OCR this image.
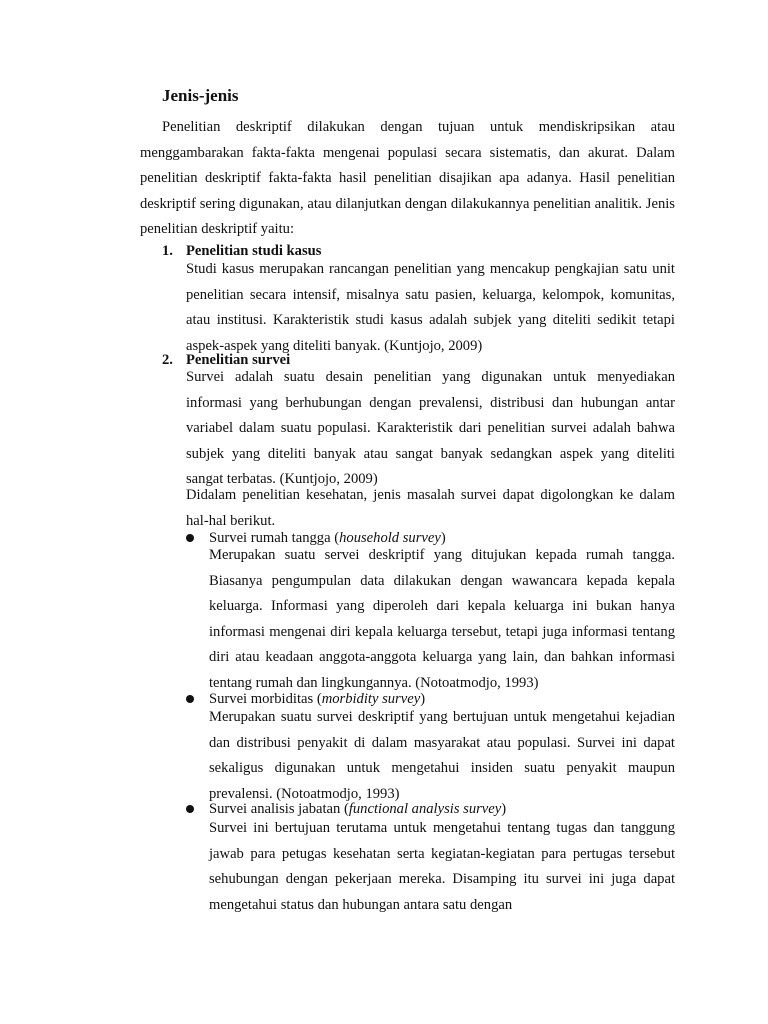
Jenis-jenis
Penelitian deskriptif dilakukan dengan tujuan untuk mendiskripsikan atau menggambarakan fakta-fakta mengenai populasi secara sistematis, dan akurat. Dalam penelitian deskriptif fakta-fakta hasil penelitian disajikan apa adanya. Hasil penelitian deskriptif sering digunakan, atau dilanjutkan dengan dilakukannya penelitian analitik. Jenis penelitian deskriptif yaitu:
1. Penelitian studi kasus
Studi kasus merupakan rancangan penelitian yang mencakup pengkajian satu unit penelitian secara intensif, misalnya satu pasien, keluarga, kelompok, komunitas, atau institusi. Karakteristik studi kasus adalah subjek yang diteliti sedikit tetapi aspek-aspek yang diteliti banyak. (Kuntjojo, 2009)
2. Penelitian survei
Survei adalah suatu desain penelitian yang digunakan untuk menyediakan informasi yang berhubungan dengan prevalensi, distribusi dan hubungan antar variabel dalam suatu populasi. Karakteristik dari penelitian survei adalah bahwa subjek yang diteliti banyak atau sangat banyak sedangkan aspek yang diteliti sangat terbatas. (Kuntjojo, 2009)
Didalam penelitian kesehatan, jenis masalah survei dapat digolongkan ke dalam hal-hal berikut.
Survei rumah tangga (household survey)
Merupakan suatu servei deskriptif yang ditujukan kepada rumah tangga. Biasanya pengumpulan data dilakukan dengan wawancara kepada kepala keluarga. Informasi yang diperoleh dari kepala keluarga ini bukan hanya informasi mengenai diri kepala keluarga tersebut, tetapi juga informasi tentang diri atau keadaan anggota-anggota keluarga yang lain, dan bahkan informasi tentang rumah dan lingkungannya. (Notoatmodjo, 1993)
Survei morbiditas (morbidity survey)
Merupakan suatu survei deskriptif yang bertujuan untuk mengetahui kejadian dan distribusi penyakit di dalam masyarakat atau populasi. Survei ini dapat sekaligus digunakan untuk mengetahui insiden suatu penyakit maupun prevalensi. (Notoatmodjo, 1993)
Survei analisis jabatan (functional analysis survey)
Survei ini bertujuan terutama untuk mengetahui tentang tugas dan tanggung jawab para petugas kesehatan serta kegiatan-kegiatan para pertugas tersebut sehubungan dengan pekerjaan mereka. Disamping itu survei ini juga dapat mengetahui status dan hubungan antara satu dengan
